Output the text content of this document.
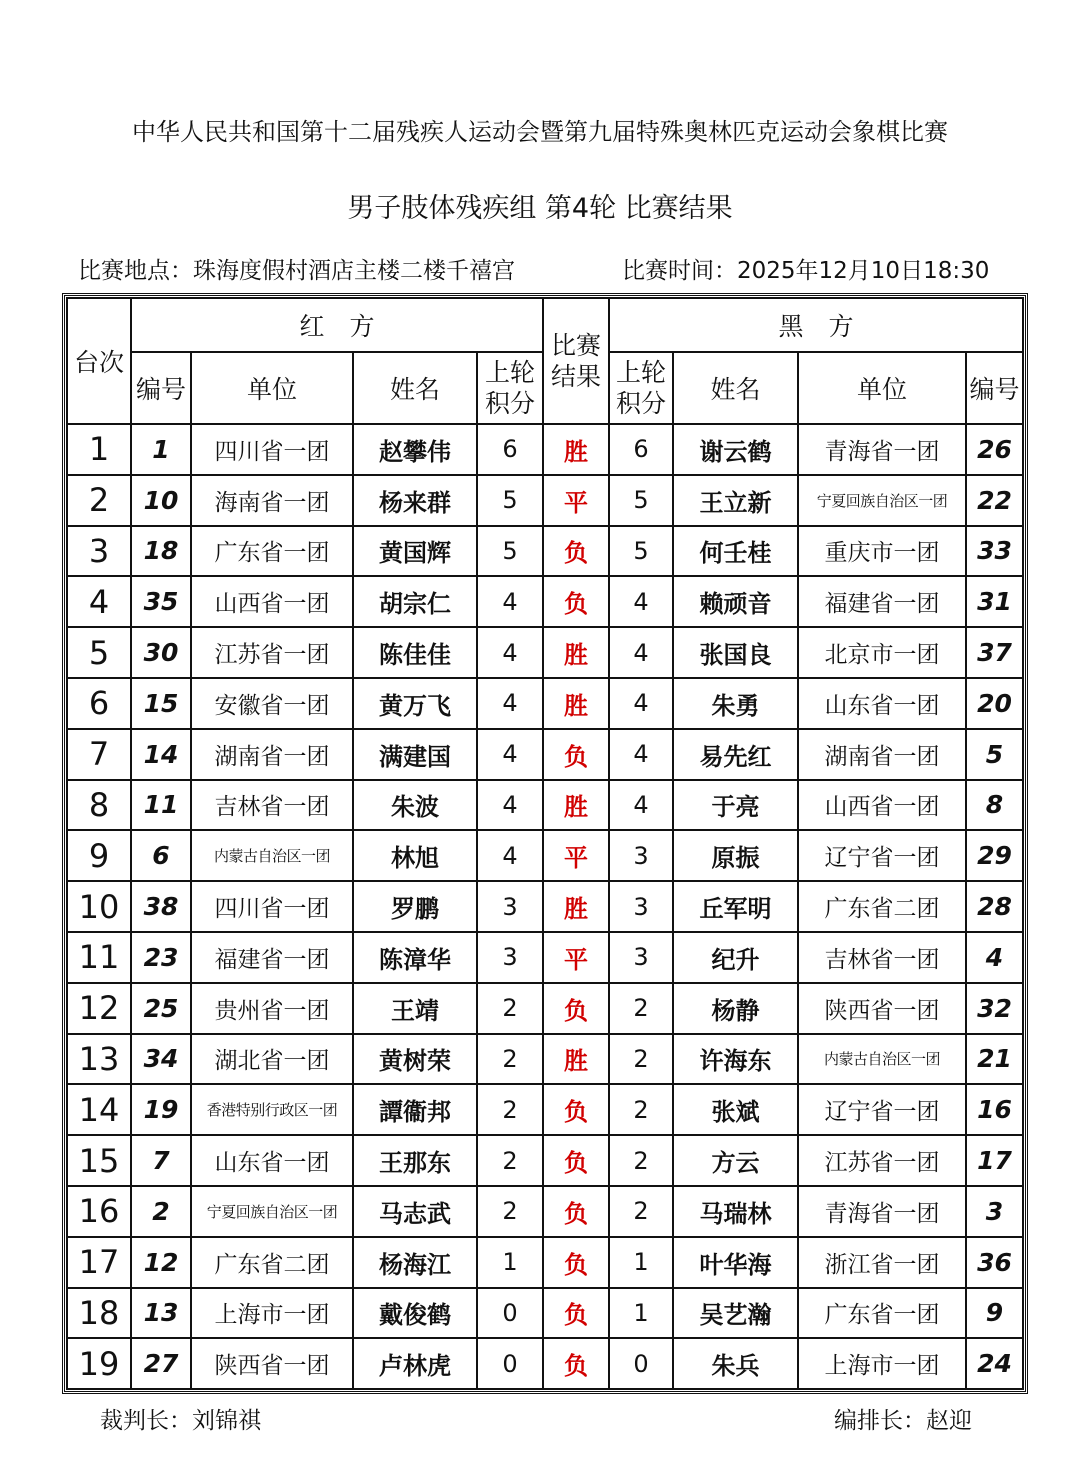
中华人民共和国第十二届残疾人运动会暨第九届特殊奥林匹克运动会象棋比赛
男子肢体残疾组 第4轮 比赛结果
比赛地点：珠海度假村酒店主楼二楼千禧宫	比赛时间：2025年12月10日18:30
台次	红　方				比赛结果	黑　方			
	编号	单位	姓名	上轮积分		上轮积分	姓名	单位	编号
1	1	四川省一团	赵攀伟	6	胜	6	谢云鹤	青海省一团	26
2	10	海南省一团	杨来群	5	平	5	王立新	宁夏回族自治区一团	22
3	18	广东省一团	黄国辉	5	负	5	何壬桂	重庆市一团	33
4	35	山西省一团	胡宗仁	4	负	4	赖顽音	福建省一团	31
5	30	江苏省一团	陈佳佳	4	胜	4	张国良	北京市一团	37
6	15	安徽省一团	黄万飞	4	胜	4	朱勇	山东省一团	20
7	14	湖南省一团	满建国	4	负	4	易先红	湖南省一团	5
8	11	吉林省一团	朱波	4	胜	4	于亮	山西省一团	8
9	6	内蒙古自治区一团	林旭	4	平	3	原振	辽宁省一团	29
10	38	四川省一团	罗鹏	3	胜	3	丘军明	广东省二团	28
11	23	福建省一团	陈漳华	3	平	3	纪升	吉林省一团	4
12	25	贵州省一团	王靖	2	负	2	杨静	陕西省一团	32
13	34	湖北省一团	黄树荣	2	胜	2	许海东	内蒙古自治区一团	21
14	19	香港特别行政区一团	譚衞邦	2	负	2	张斌	辽宁省一团	16
15	7	山东省一团	王那东	2	负	2	方云	江苏省一团	17
16	2	宁夏回族自治区一团	马志武	2	负	2	马瑞林	青海省一团	3
17	12	广东省二团	杨海江	1	负	1	叶华海	浙江省一团	36
18	13	上海市一团	戴俊鹤	0	负	1	吴艺瀚	广东省一团	9
19	27	陕西省一团	卢林虎	0	负	0	朱兵	上海市一团	24
裁判长：刘锦祺	编排长：赵迎
